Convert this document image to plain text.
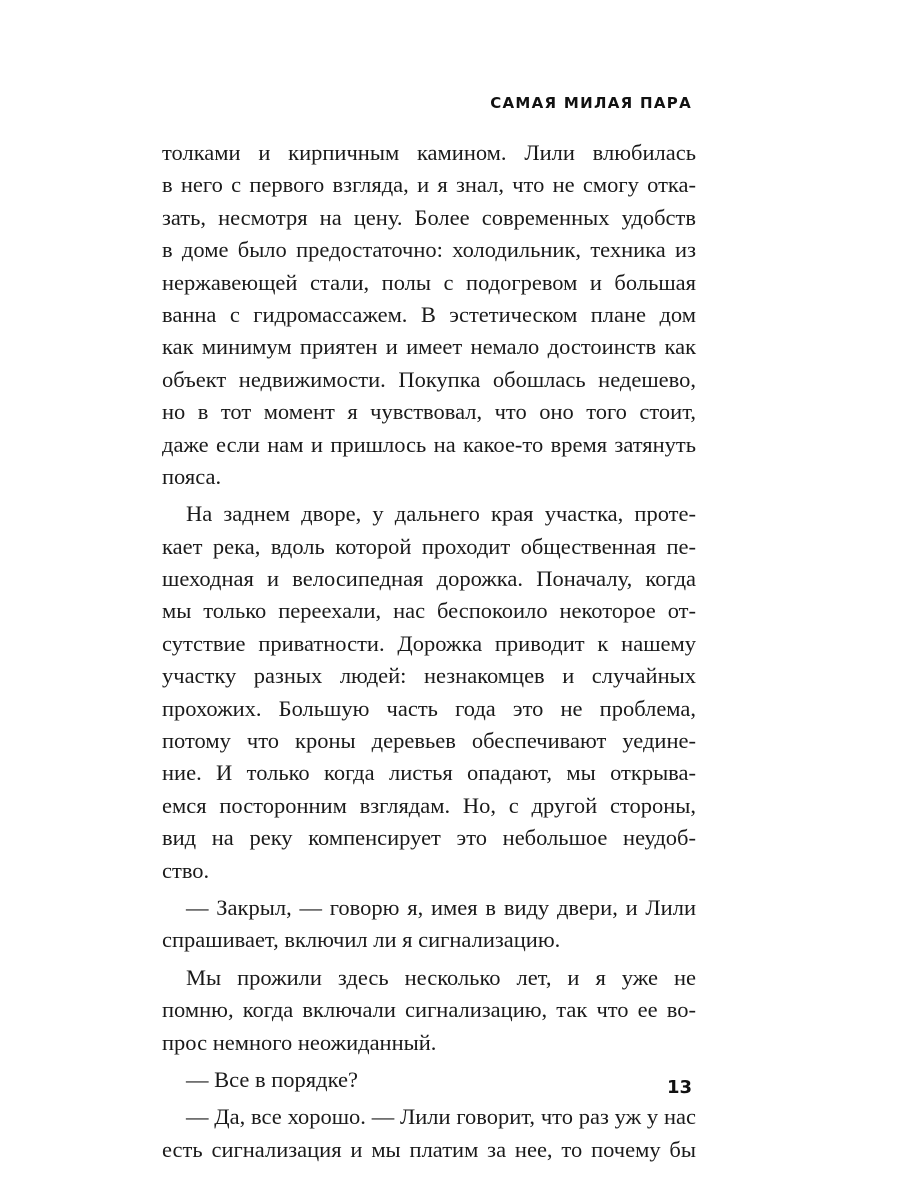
САМАЯ МИЛАЯ ПАРА
толками и кирпичным камином. Лили влюбилась
в него с первого взгляда, и я знал, что не смогу отка-
зать, несмотря на цену. Более современных удобств
в доме было предостаточно: холодильник, техника из
нержавеющей стали, полы с подогревом и большая
ванна с гидромассажем. В эстетическом плане дом
как минимум приятен и имеет немало достоинств как
объект недвижимости. Покупка обошлась недешево,
но в тот момент я чувствовал, что оно того стоит,
даже если нам и пришлось на какое-то время затянуть
пояса.
На заднем дворе, у дальнего края участка, проте-
кает река, вдоль которой проходит общественная пе-
шеходная и велосипедная дорожка. Поначалу, когда
мы только переехали, нас беспокоило некоторое от-
сутствие приватности. Дорожка приводит к нашему
участку разных людей: незнакомцев и случайных
прохожих. Большую часть года это не проблема,
потому что кроны деревьев обеспечивают уедине-
ние. И только когда листья опадают, мы открыва-
емся посторонним взглядам. Но, с другой стороны,
вид на реку компенсирует это небольшое неудоб-
ство.
— Закрыл, — говорю я, имея в виду двери, и Лили
спрашивает, включил ли я сигнализацию.
Мы прожили здесь несколько лет, и я уже не
помню, когда включали сигнализацию, так что ее во-
прос немного неожиданный.
— Все в порядке?
— Да, все хорошо. — Лили говорит, что раз уж у нас
есть сигнализация и мы платим за нее, то почему бы
13
